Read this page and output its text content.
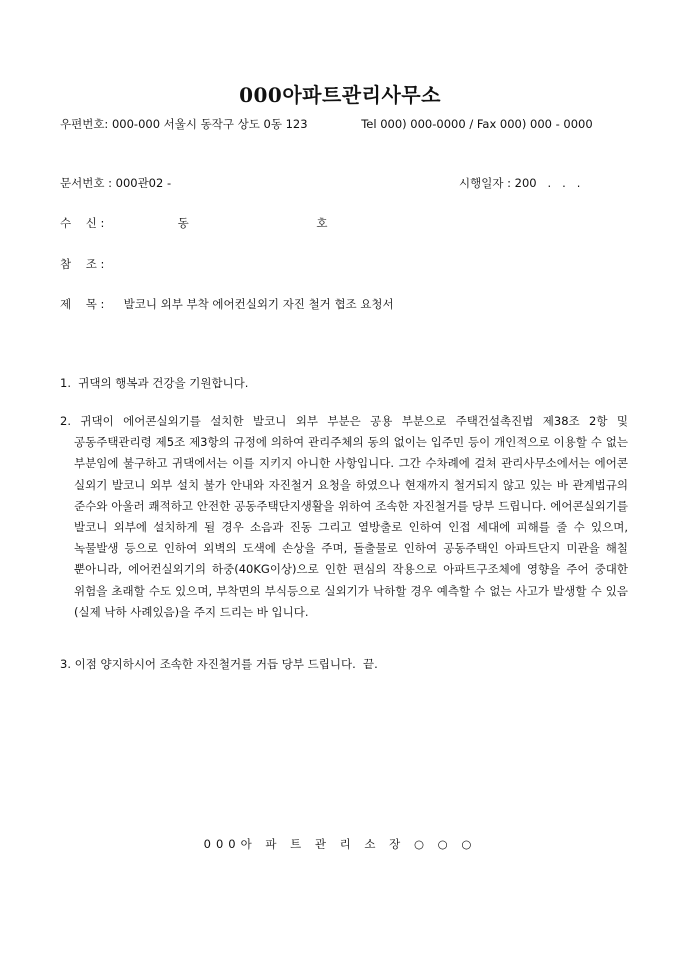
000아파트관리사무소
우편번호: 000-000 서울시 동작구 상도 0동 123	Tel 000) 000-0000 / Fax 000) 000 - 0000
문서번호 : 000관02 -	시행일자 : 200   .   .   .
수    신 :	동 호
참    조 :
제    목 : 발코니 외부 부착 에어컨실외기 자진 철거 협조 요청서
1.  귀댁의 행복과 건강을 기원합니다.
2. 귀댁이 에어콘실외기를 설치한 발코니 외부 부분은 공용 부분으로 주택건설촉진법 제38조 2항 및 공동주택관리령 제5조 제3항의 규정에 의하여 관리주체의 동의 없이는 입주민 등이 개인적으로 이용할 수 없는 부분임에 불구하고 귀댁에서는 이를 지키지 아니한 사항입니다. 그간 수차례에 걸쳐 관리사무소에서는 에어콘 실외기 발코니 외부 설치 불가 안내와 자진철거 요청을 하였으나 현재까지 철거되지 않고 있는 바 관계법규의 준수와 아울러 쾌적하고 안전한 공동주택단지생활을 위하여 조속한 자진철거를 당부 드립니다. 에어콘실외기를 발코니 외부에 설치하게 될 경우 소음과 진동 그리고 열방출로 인하여 인접 세대에 피해를 줄 수 있으며, 녹물발생 등으로 인하여 외벽의 도색에 손상을 주며, 돌출물로 인하여 공동주택인 아파트단지 미관을 해칠 뿐아니라, 에어컨실외기의 하중(40KG이상)으로 인한 편심의 작용으로 아파트구조체에 영향을 주어 중대한 위험을 초래할 수도 있으며, 부착면의 부식등으로 실외기가 낙하할 경우 예측할 수 없는 사고가 발생할 수 있음(실제 낙하 사례있음)을 주지 드리는 바 입니다.
3. 이점 양지하시어 조속한 자진철거를 거듭 당부 드립니다.  끝.
000아 파 트 관 리 소 장 ○ ○ ○
